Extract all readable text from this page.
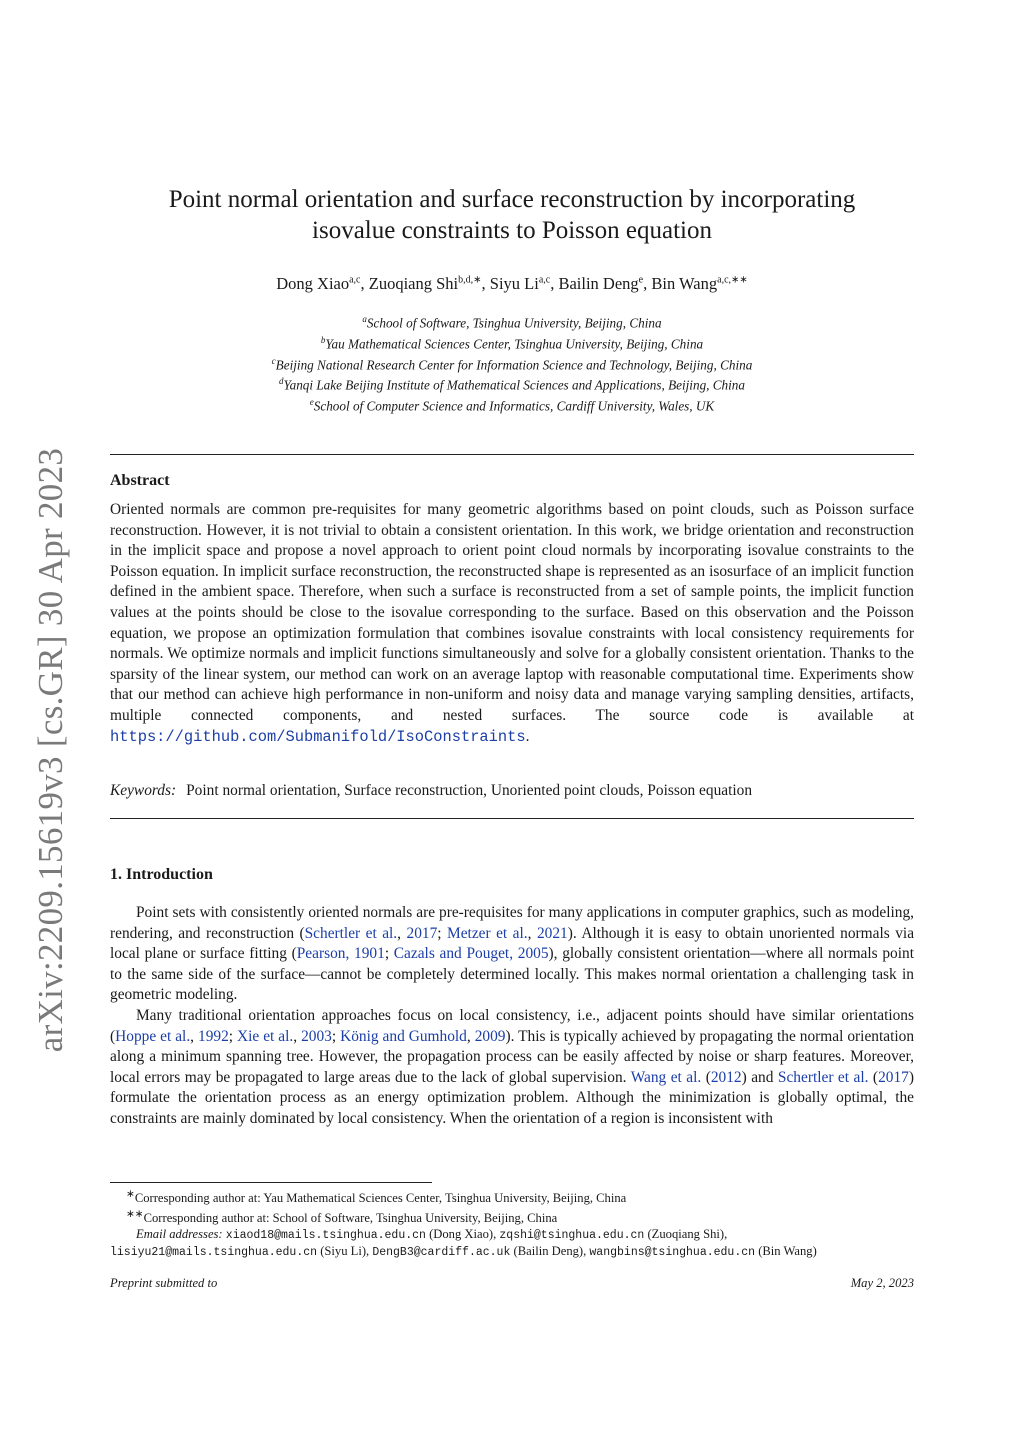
arXiv:2209.15619v3 [cs.GR] 30 Apr 2023
Point normal orientation and surface reconstruction by incorporating
isovalue constraints to Poisson equation
Dong Xiao$^{a,c}$, Zuoqiang Shi$^{b,d,∗}$, Siyu Li$^{a,c}$, Bailin Deng$^e$, Bin Wang$^{a,c,∗∗}$
$^a$School of Software, Tsinghua University, Beijing, China
$^b$Yau Mathematical Sciences Center, Tsinghua University, Beijing, China
$^c$Beijing National Research Center for Information Science and Technology, Beijing, China
$^d$Yanqi Lake Beijing Institute of Mathematical Sciences and Applications, Beijing, China
$^e$School of Computer Science and Informatics, Cardiff University, Wales, UK
Abstract
Oriented normals are common pre-requisites for many geometric algorithms based on point clouds, such as Poisson surface reconstruction. However, it is not trivial to obtain a consistent orientation. In this work, we bridge orientation and reconstruction in the implicit space and propose a novel approach to orient point cloud normals by incorporating isovalue constraints to the Poisson equation. In implicit surface reconstruction, the reconstructed shape is represented as an isosurface of an implicit function defined in the ambient space. Therefore, when such a surface is reconstructed from a set of sample points, the implicit function values at the points should be close to the isovalue corresponding to the surface. Based on this observation and the Poisson equation, we propose an optimization formulation that combines isovalue constraints with local consistency requirements for normals. We optimize normals and implicit functions simultaneously and solve for a globally consistent orientation. Thanks to the sparsity of the linear system, our method can work on an average laptop with reasonable computational time. Experiments show that our method can achieve high performance in non-uniform and noisy data and manage varying sampling densities, artifacts, multiple connected components, and nested surfaces. The source code is available at https://github.com/Submanifold/IsoConstraints.
Keywords: Point normal orientation, Surface reconstruction, Unoriented point clouds, Poisson equation
1. Introduction

Point sets with consistently oriented normals are pre-requisites for many applications in computer graphics, such as modeling, rendering, and reconstruction (Schertler et al., 2017; Metzer et al., 2021). Although it is easy to obtain unoriented normals via local plane or surface fitting (Pearson, 1901; Cazals and Pouget, 2005), globally consistent orientation—where all normals point to the same side of the surface—cannot be completely determined locally. This makes normal orientation a challenging task in geometric modeling.

Many traditional orientation approaches focus on local consistency, i.e., adjacent points should have similar orientations (Hoppe et al., 1992; Xie et al., 2003; König and Gumhold, 2009). This is typically achieved by propagating the normal orientation along a minimum spanning tree. However, the propagation process can be easily affected by noise or sharp features. Moreover, local errors may be propagated to large areas due to the lack of global supervision. Wang et al. (2012) and Schertler et al. (2017) formulate the orientation process as an energy optimization problem. Although the minimization is globally optimal, the constraints are mainly dominated by local consistency. When the orientation of a region is inconsistent with

∗Corresponding author at: Yau Mathematical Sciences Center, Tsinghua University, Beijing, China
∗∗Corresponding author at: School of Software, Tsinghua University, Beijing, China
Email addresses: xiaod18@mails.tsinghua.edu.cn (Dong Xiao), zqshi@tsinghua.edu.cn (Zuoqiang Shi),
lisiyu21@mails.tsinghua.edu.cn (Siyu Li), DengB3@cardiff.ac.uk (Bailin Deng), wangbins@tsinghua.edu.cn (Bin Wang)
Preprint submitted to	May 2, 2023
